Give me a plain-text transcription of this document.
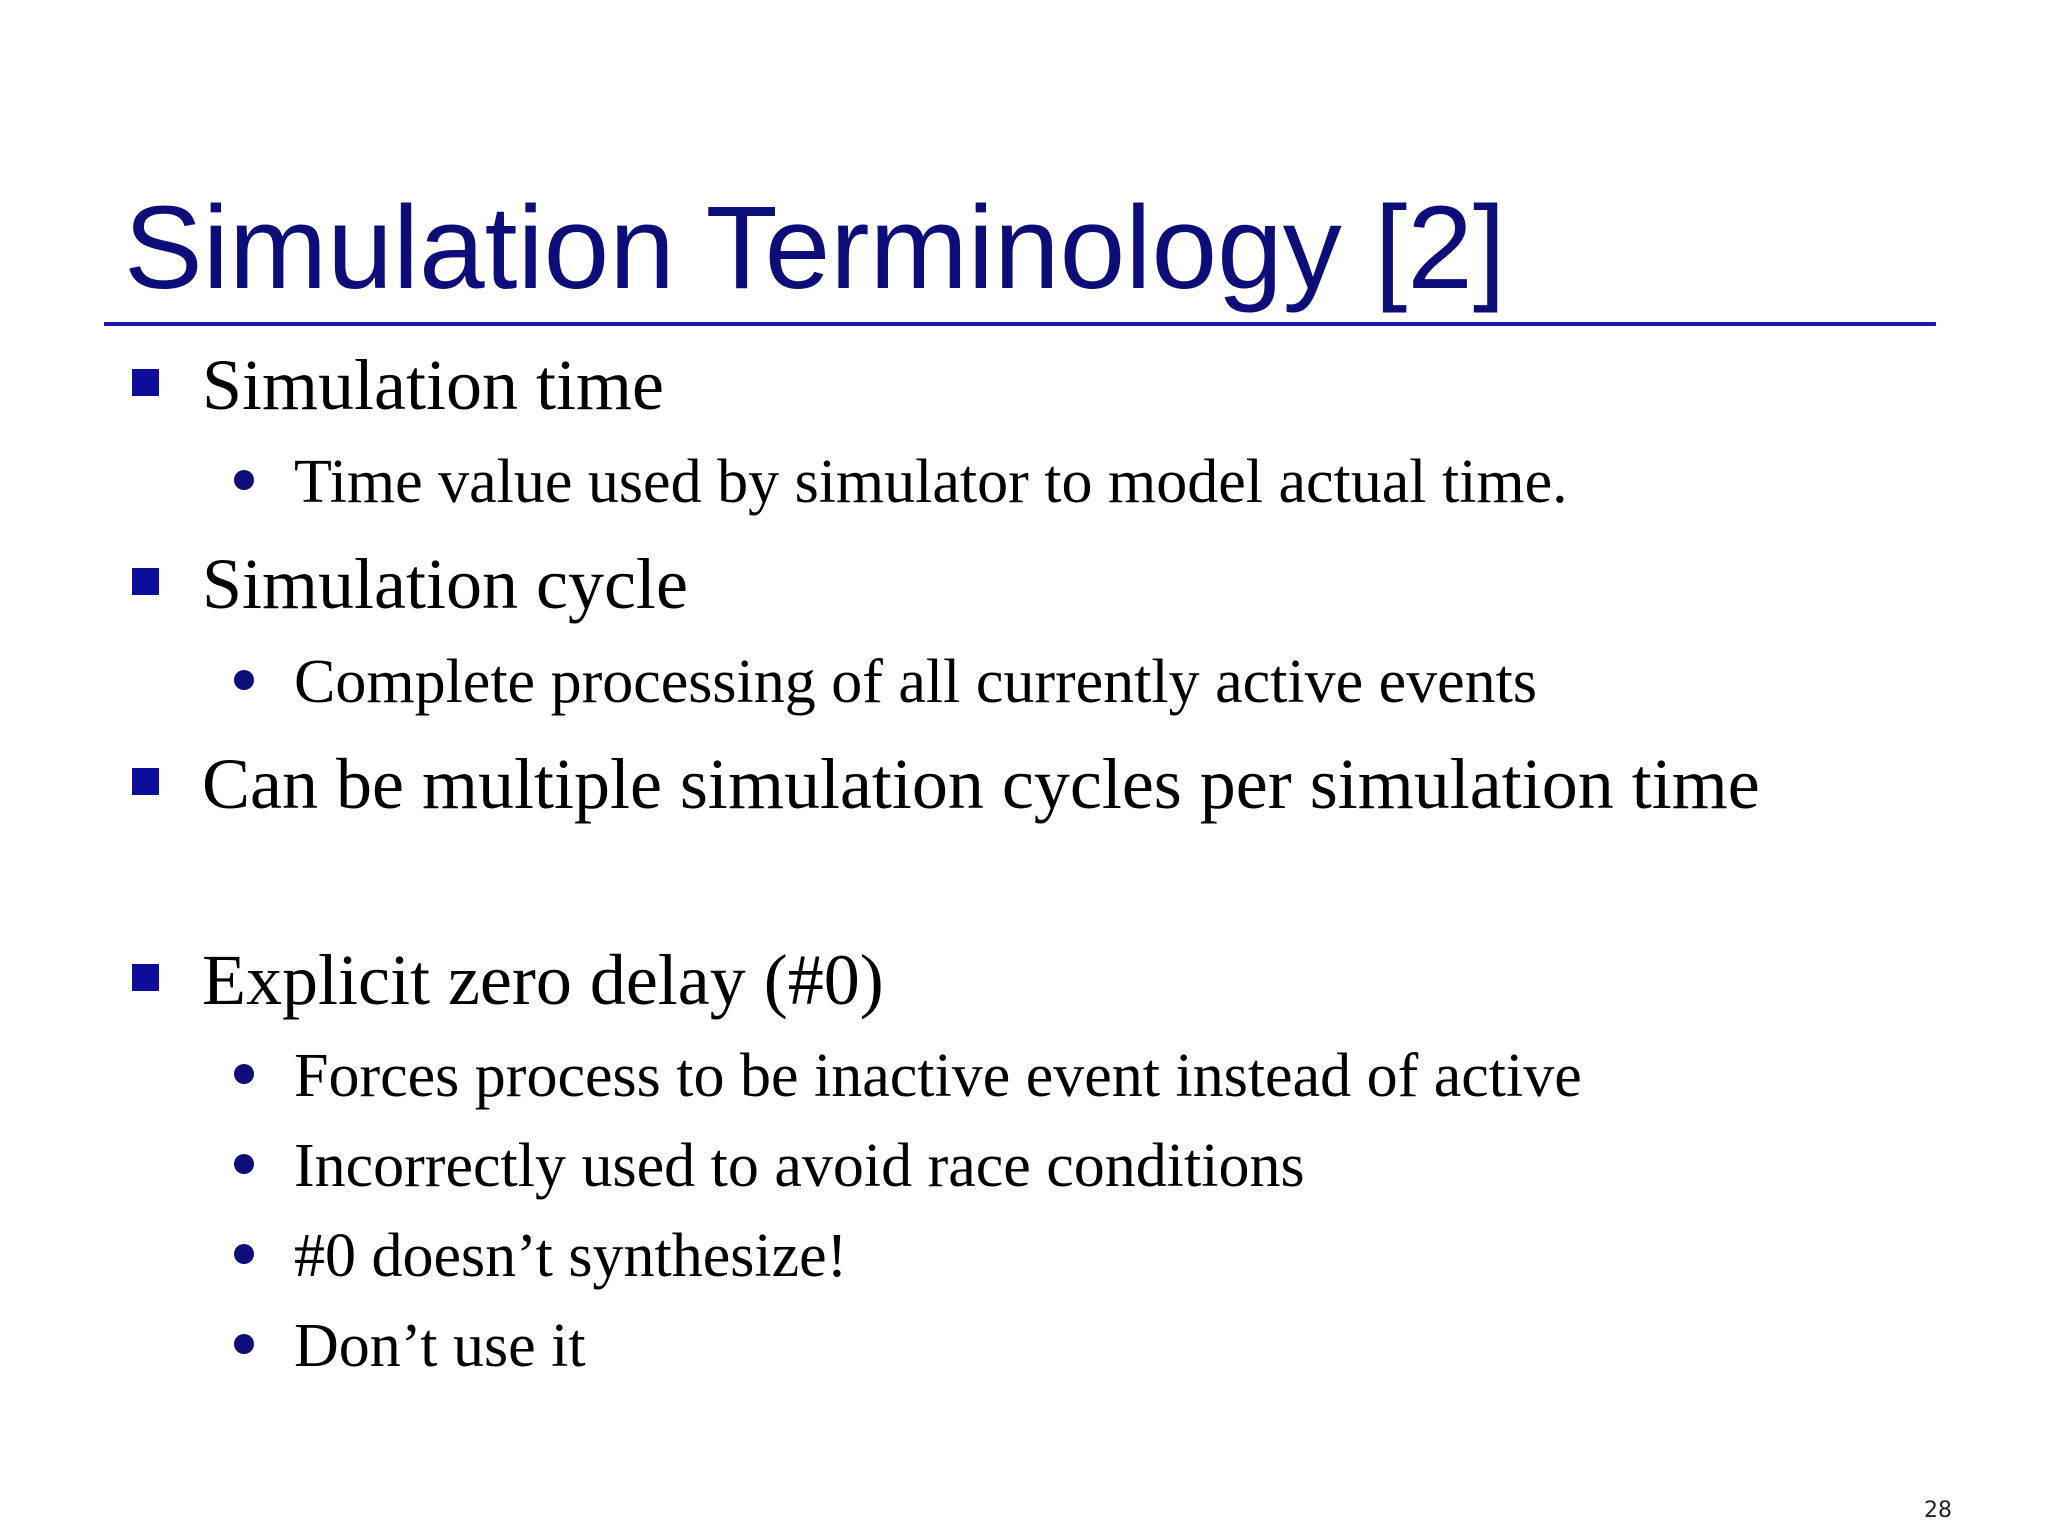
Simulation Terminology [2]
Simulation time
Time value used by simulator to model actual time.
Simulation cycle
Complete processing of all currently active events
Can be multiple simulation cycles per simulation time
Explicit zero delay (#0)
Forces process to be inactive event instead of active
Incorrectly used to avoid race conditions
#0 doesn’t synthesize!
Don’t use it
28
